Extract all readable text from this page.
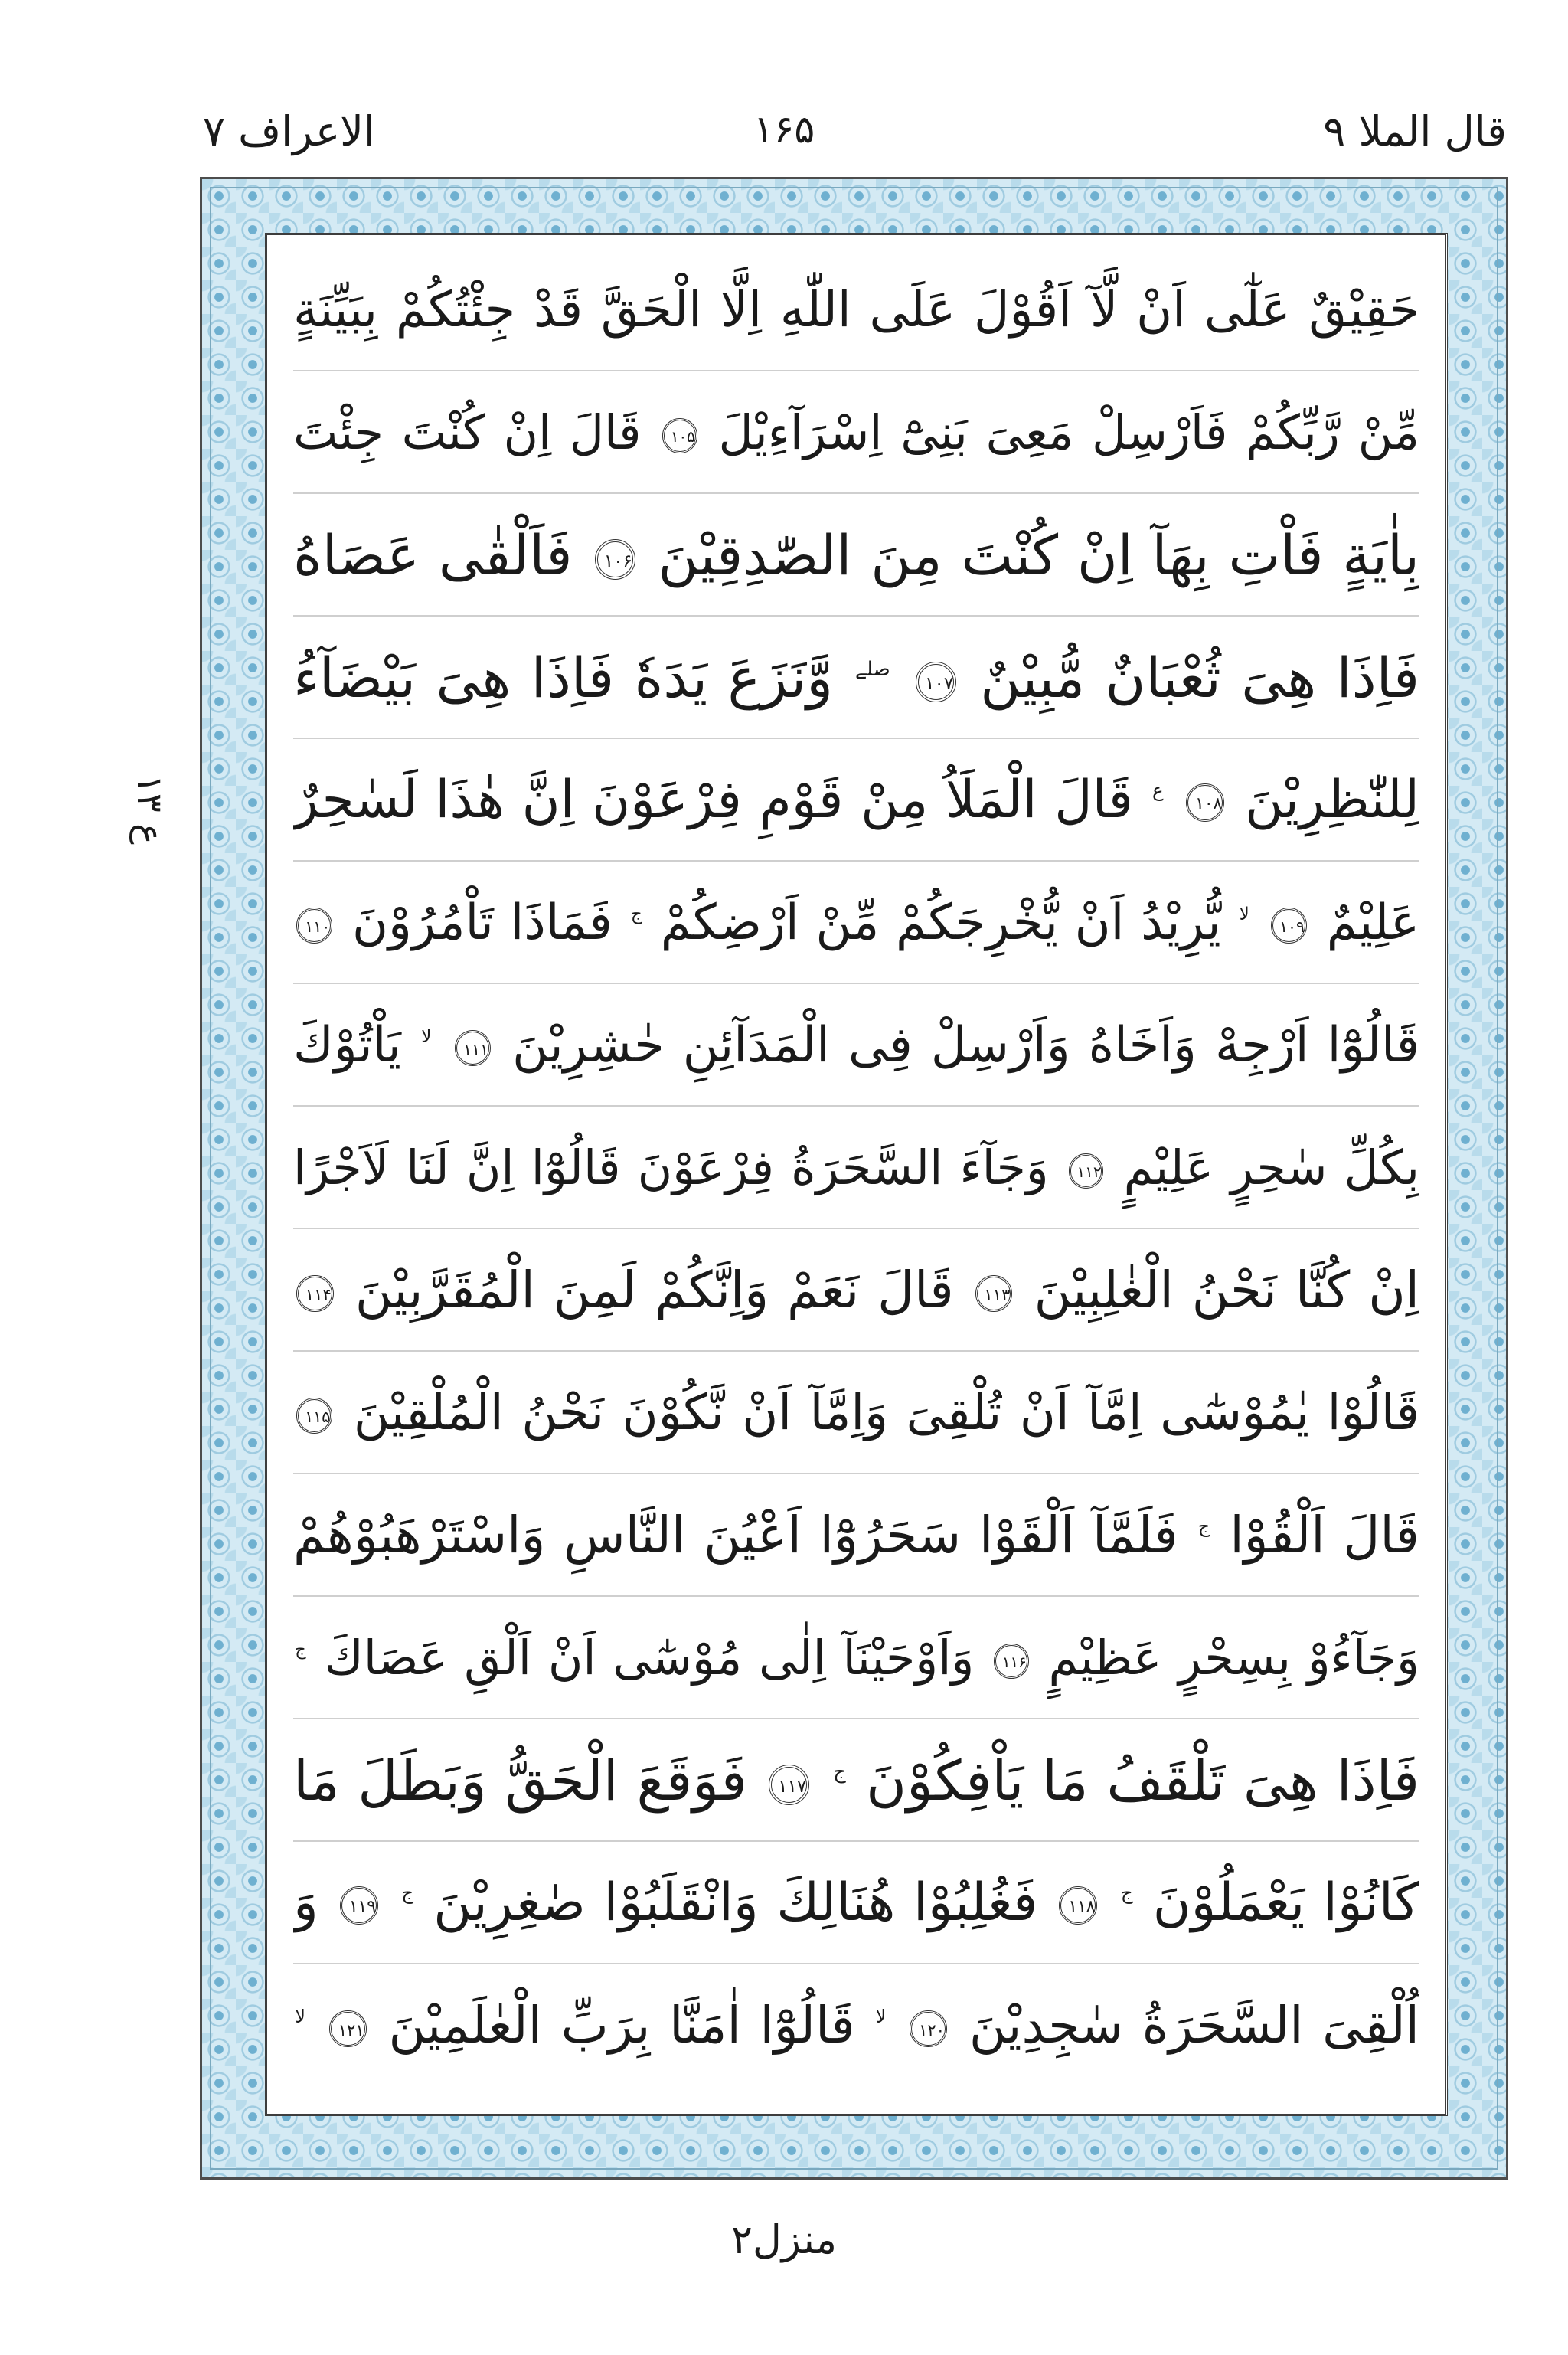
قال الملا ۹
۱۶۵
الاعراف ۷
ع ۱۳
حَقِيْقٌ عَلٰٓى اَنْ لَّآ اَقُوْلَ عَلَى اللّٰهِ اِلَّا الْحَقَّ قَدْ جِئْتُكُمْ بِبَيِّنَةٍ
مِّنْ رَّبِّكُمْ فَاَرْسِلْ مَعِىَ بَنِىْٓ اِسْرَآءِيْلَ ۱۰۵ قَالَ اِنْ كُنْتَ جِئْتَ
بِاٰيَةٍ فَاْتِ بِهَآ اِنْ كُنْتَ مِنَ الصّٰدِقِيْنَ ۱۰۶ فَاَلْقٰى عَصَاهُ
فَاِذَا هِىَ ثُعْبَانٌ مُّبِيْنٌ ۱۰۷ صلے وَّنَزَعَ يَدَهٗ فَاِذَا هِىَ بَيْضَآءُ
لِلنّٰظِرِيْنَ ۱۰۸ ع قَالَ الْمَلَاُ مِنْ قَوْمِ فِرْعَوْنَ اِنَّ هٰذَا لَسٰحِرٌ
عَلِيْمٌ ۱۰۹ لا يُّرِيْدُ اَنْ يُّخْرِجَكُمْ مِّنْ اَرْضِكُمْ ج فَمَاذَا تَاْمُرُوْنَ ۱۱۰
قَالُوْٓا اَرْجِهْ وَاَخَاهُ وَاَرْسِلْ فِى الْمَدَآئِنِ حٰشِرِيْنَ ۱۱۱ لا يَاْتُوْكَ
بِكُلِّ سٰحِرٍ عَلِيْمٍ ۱۱۲ وَجَآءَ السَّحَرَةُ فِرْعَوْنَ قَالُوْٓا اِنَّ لَنَا لَاَجْرًا
اِنْ كُنَّا نَحْنُ الْغٰلِبِيْنَ ۱۱۳ قَالَ نَعَمْ وَاِنَّكُمْ لَمِنَ الْمُقَرَّبِيْنَ ۱۱۴
قَالُوْا يٰمُوْسٰٓى اِمَّآ اَنْ تُلْقِىَ وَاِمَّآ اَنْ نَّكُوْنَ نَحْنُ الْمُلْقِيْنَ ۱۱۵
قَالَ اَلْقُوْا ج فَلَمَّآ اَلْقَوْا سَحَرُوْٓا اَعْيُنَ النَّاسِ وَاسْتَرْهَبُوْهُمْ
وَجَآءُوْ بِسِحْرٍ عَظِيْمٍ ۱۱۶ وَاَوْحَيْنَآ اِلٰى مُوْسٰٓى اَنْ اَلْقِ عَصَاكَ ج
فَاِذَا هِىَ تَلْقَفُ مَا يَاْفِكُوْنَ ج ۱۱۷ فَوَقَعَ الْحَقُّ وَبَطَلَ مَا
كَانُوْا يَعْمَلُوْنَ ج ۱۱۸ فَغُلِبُوْا هُنَالِكَ وَانْقَلَبُوْا صٰغِرِيْنَ ج ۱۱۹ وَ
اُلْقِىَ السَّحَرَةُ سٰجِدِيْنَ ۱۲۰ لا قَالُوْٓا اٰمَنَّا بِرَبِّ الْعٰلَمِيْنَ ۱۲۱ لا
منزل۲
